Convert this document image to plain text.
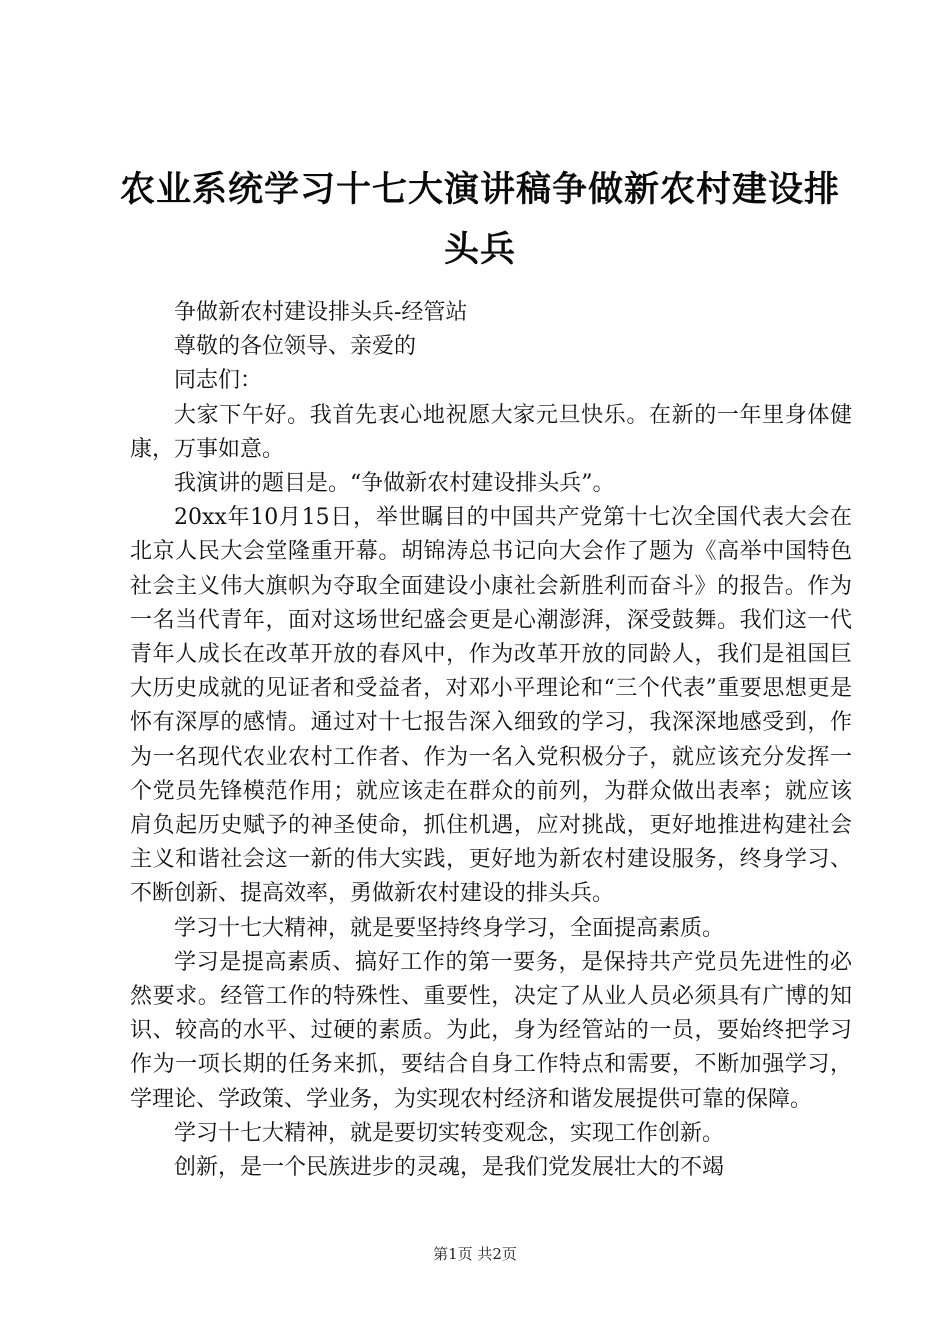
农业系统学习十七大演讲稿争做新农村建设排头兵

争做新农村建设排头兵-经管站

尊敬的各位领导、亲爱的

同志们：

大家下午好。我首先衷心地祝愿大家元旦快乐。在新的一年里身体健康，万事如意。

我演讲的题目是。“争做新农村建设排头兵”。

20xx年10月15日，举世瞩目的中国共产党第十七次全国代表大会在北京人民大会堂隆重开幕。胡锦涛总书记向大会作了题为《高举中国特色社会主义伟大旗帜为夺取全面建设小康社会新胜利而奋斗》的报告。作为一名当代青年，面对这场世纪盛会更是心潮澎湃，深受鼓舞。我们这一代青年人成长在改革开放的春风中，作为改革开放的同龄人，我们是祖国巨大历史成就的见证者和受益者，对邓小平理论和“三个代表”重要思想更是怀有深厚的感情。通过对十七报告深入细致的学习，我深深地感受到，作为一名现代农业农村工作者、作为一名入党积极分子，就应该充分发挥一个党员先锋模范作用；就应该走在群众的前列，为群众做出表率；就应该肩负起历史赋予的神圣使命，抓住机遇，应对挑战，更好地推进构建社会主义和谐社会这一新的伟大实践，更好地为新农村建设服务，终身学习、不断创新、提高效率，勇做新农村建设的排头兵。

学习十七大精神，就是要坚持终身学习，全面提高素质。

学习是提高素质、搞好工作的第一要务，是保持共产党员先进性的必然要求。经管工作的特殊性、重要性，决定了从业人员必须具有广博的知识、较高的水平、过硬的素质。为此，身为经管站的一员，要始终把学习作为一项长期的任务来抓，要结合自身工作特点和需要，不断加强学习，学理论、学政策、学业务，为实现农村经济和谐发展提供可靠的保障。

学习十七大精神，就是要切实转变观念，实现工作创新。

创新，是一个民族进步的灵魂，是我们党发展壮大的不竭

第1页 共2页
